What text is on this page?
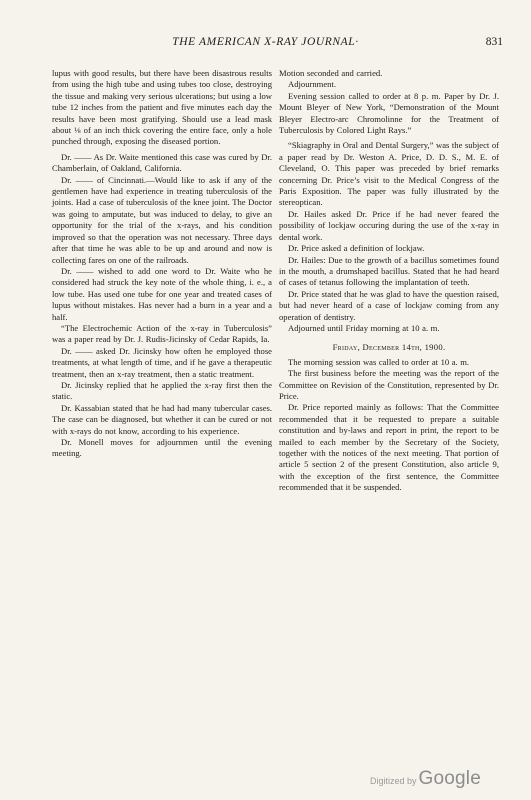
THE AMERICAN X-RAY JOURNAL·	831

lupus with good results, but there have been disastrous results from using the high tube and using tubes too close, destroying the tissue and making very serious ulcerations; but using a low tube 12 inches from the patient and five minutes each day the results have been most gratifying. Should use a lead mask about ⅛ of an inch thick covering the entire face, only a hole punched through, exposing the diseased portion.

Dr. —— As Dr. Waite mentioned this case was cured by Dr. Chamberlain, of Oakland, California.

Dr. —— of Cincinnati.—Would like to ask if any of the gentlemen have had experience in treating tuberculosis of the joints. Had a case of tuberculosis of the knee joint. The Doctor was going to amputate, but was induced to delay, to give an opportunity for the trial of the x-rays, and his condition improved so that the operation was not necessary. Three days after that time he was able to be up and around and now is collecting fares on one of the railroads.

Dr. —— wished to add one word to Dr. Waite who he considered had struck the key note of the whole thing, i. e., a low tube. Has used one tube for one year and treated cases of lupus without mistakes. Has never had a burn in a year and a half.

“The Electrochemic Action of the x-ray in Tuberculosis” was a paper read by Dr. J. Rudis-Jicinsky of Cedar Rapids, Ia.

Dr. —— asked Dr. Jicinsky how often he employed those treatments, at what length of time, and if he gave a therapeutic treatment, then an x-ray treatment, then a static treatment.

Dr. Jicinsky replied that he applied the x-ray first then the static.

Dr. Kassabian stated that he had had many tubercular cases. The case can be diagnosed, but whether it can be cured or not with x-rays do not know, according to his experience.

Dr. Monell moves for adjournmen until the evening meeting.

Motion seconded and carried.

Adjournment.

Evening session called to order at 8 p. m. Paper by Dr. J. Mount Bleyer of New York, “Demonstration of the Mount Bleyer Electro-arc Chromolinne for the Treatment of Tuberculosis by Colored Light Rays.”

“Skiagraphy in Oral and Dental Surgery,” was the subject of a paper read by Dr. Weston A. Price, D. D. S., M. E. of Cleveland, O. This paper was preceded by brief remarks concerning Dr. Price’s visit to the Medical Congress of the Paris Exposition. The paper was fully illustrated by the stereoptican.

Dr. Hailes asked Dr. Price if he had never feared the possibility of lockjaw occuring during the use of the x-ray in dental work.

Dr. Price asked a definition of lockjaw.

Dr. Hailes: Due to the growth of a bacillus sometimes found in the mouth, a drumshaped bacillus. Stated that he had heard of cases of tetanus following the implantation of teeth.

Dr. Price stated that he was glad to have the question raised, but had never heard of a case of lockjaw coming from any operation of dentistry.

Adjourned until Friday morning at 10 a. m.

Friday, December 14th, 1900.

The morning session was called to order at 10 a. m.

The first business before the meeting was the report of the Committee on Revision of the Constitution, represented by Dr. Price.

Dr. Price reported mainly as follows: That the Committee recommended that it be requested to prepare a suitable constitution and by-laws and report in print, the report to be mailed to each member by the Secretary of the Society, together with the notices of the next meeting. That portion of article 5 section 2 of the present Constitution, also article 9, with the exception of the first sentence, the Committee recommended that it be suspended.

Digitized by Google
